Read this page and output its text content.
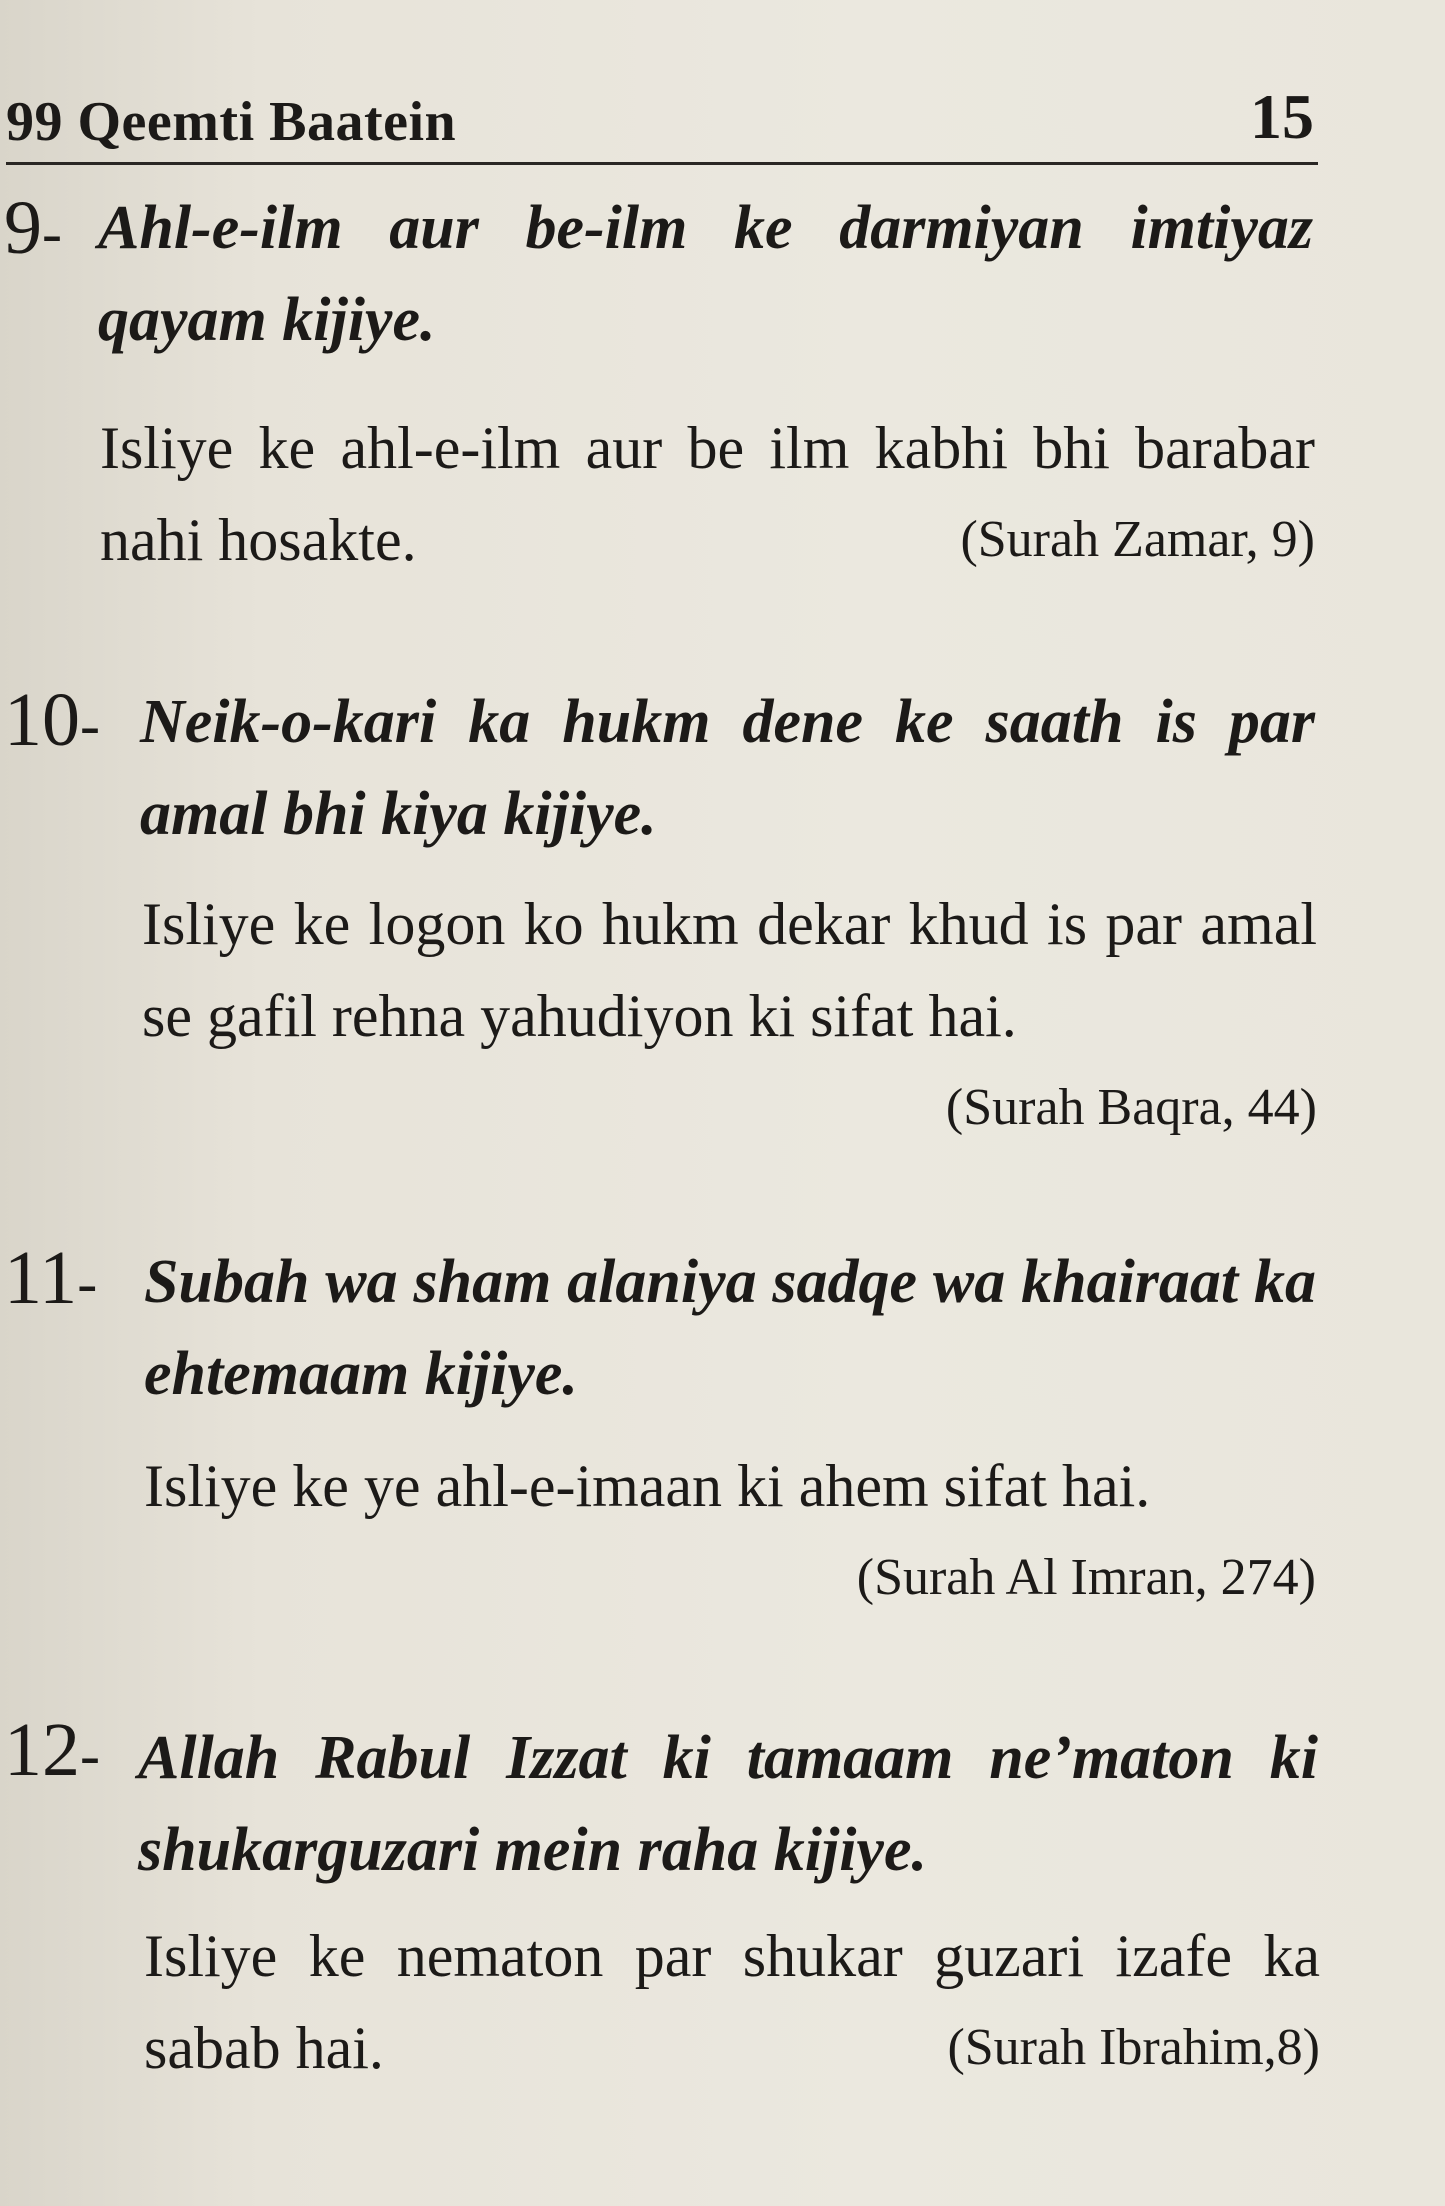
99 Qeemti Baatein	15
9- Ahl-e-ilm aur be-ilm ke darmiyan imtiyaz qayam kijiye.
Isliye ke ahl-e-ilm aur be ilm kabhi bhi barabar nahi hosakte.	(Surah Zamar, 9)
10- Neik-o-kari ka hukm dene ke saath is par amal bhi kiya kijiye.
Isliye ke logon ko hukm dekar khud is par amal se gafil rehna yahudiyon ki sifat hai.
(Surah Baqra, 44)
11- Subah wa sham alaniya sadqe wa khairaat ka ehtemaam kijiye.
Isliye ke ye ahl-e-imaan ki ahem sifat hai.
(Surah Al Imran, 274)
12- Allah Rabul Izzat ki tamaam ne’maton ki shukarguzari mein raha kijiye.
Isliye ke nematon par shukar guzari izafe ka sabab hai.	(Surah Ibrahim,8)
